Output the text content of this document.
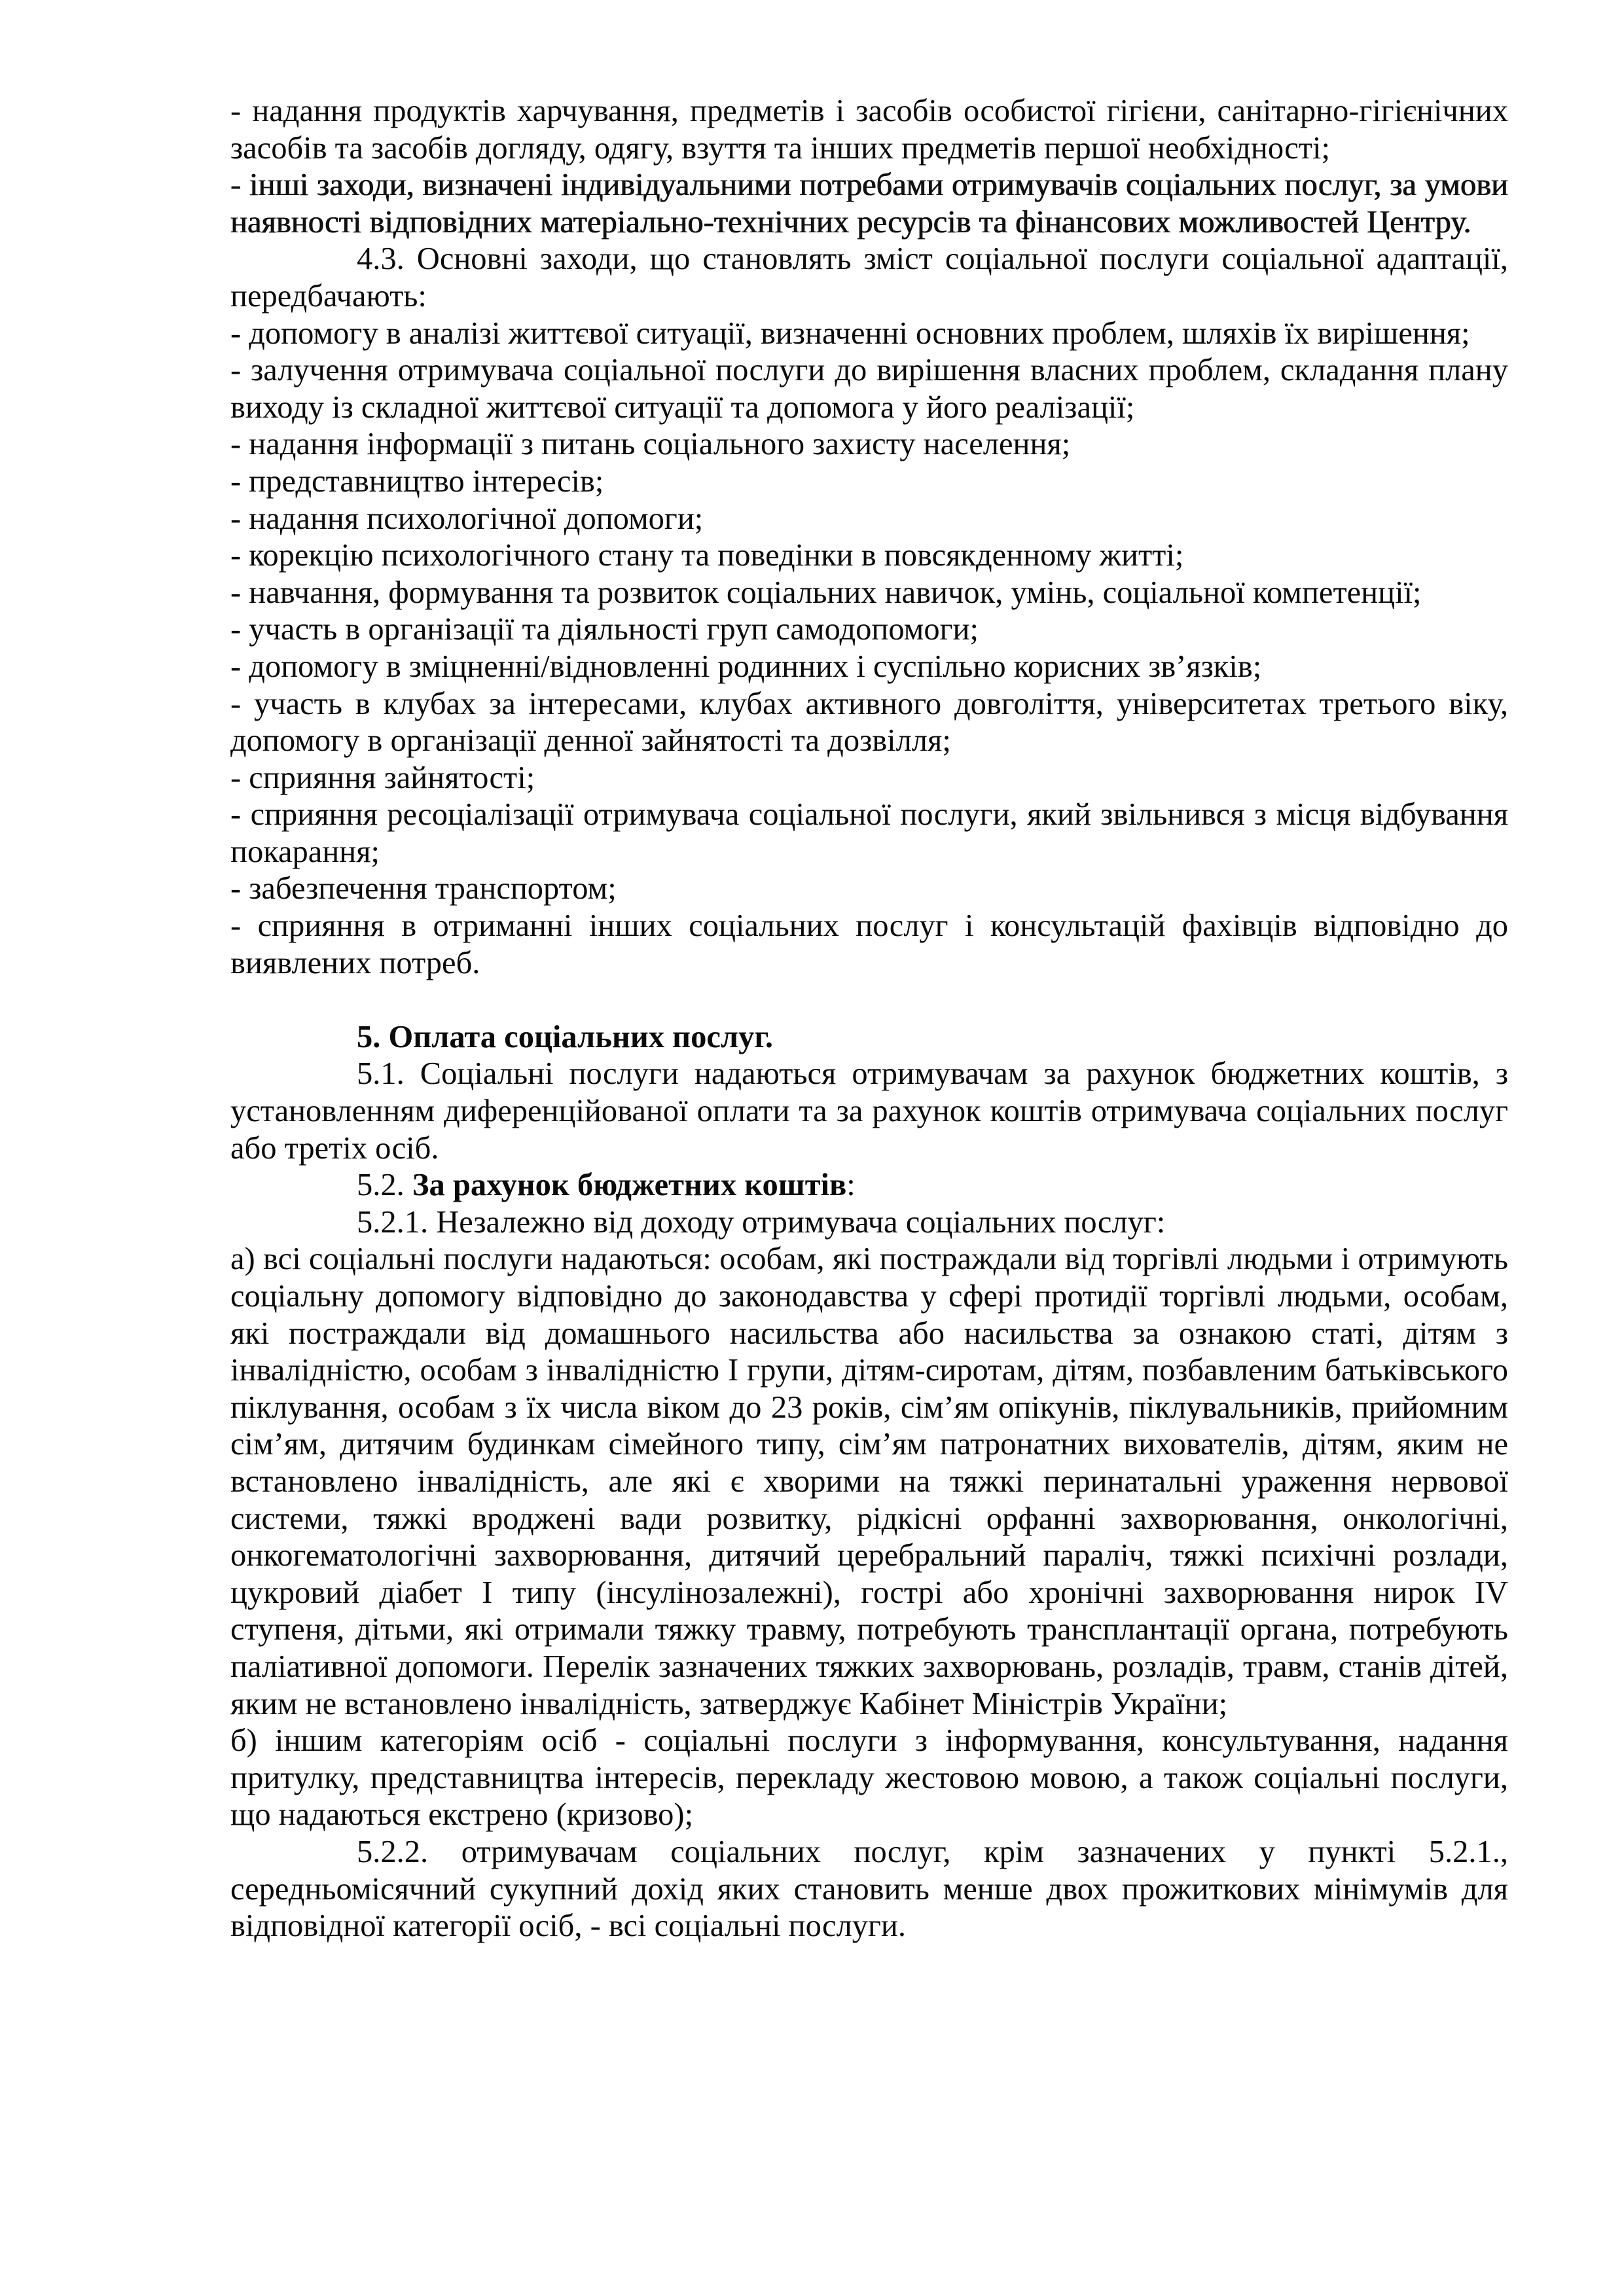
- надання продуктів харчування, предметів і засобів особистої гігієни, санітарно-гігієнічних засобів та засобів догляду, одягу, взуття та інших предметів першої необхідності;

- інші заходи, визначені індивідуальними потребами отримувачів соціальних послуг, за умови наявності відповідних матеріально-технічних ресурсів та фінансових можливостей Центру.

4.3. Основні заходи, що становлять зміст соціальної послуги соціальної адаптації, передбачають:

- допомогу в аналізі життєвої ситуації, визначенні основних проблем, шляхів їх вирішення;

- залучення отримувача соціальної послуги до вирішення власних проблем, складання плану виходу із складної життєвої ситуації та допомога у його реалізації;

- надання інформації з питань соціального захисту населення;

- представництво інтересів;

- надання психологічної допомоги;

- корекцію психологічного стану та поведінки в повсякденному житті;

- навчання, формування та розвиток соціальних навичок, умінь, соціальної компетенції;

- участь в організації та діяльності груп самодопомоги;

- допомогу в зміцненні/відновленні родинних і суспільно корисних зв’язків;

- участь в клубах за інтересами, клубах активного довголіття, університетах третього віку, допомогу в організації денної зайнятості та дозвілля;

- сприяння зайнятості;

- сприяння ресоціалізації отримувача соціальної послуги, який звільнився з місця відбування покарання;

- забезпечення транспортом;

- сприяння в отриманні інших соціальних послуг і консультацій фахівців відповідно до виявлених потреб.

5. Оплата соціальних послуг.

5.1. Соціальні послуги надаються отримувачам за рахунок бюджетних коштів, з установленням диференційованої оплати та за рахунок коштів отримувача соціальних послуг або третіх осіб.

5.2. За рахунок бюджетних коштів:

5.2.1. Незалежно від доходу отримувача соціальних послуг:

а) всі соціальні послуги надаються: особам, які постраждали від торгівлі людьми і отримують соціальну допомогу відповідно до законодавства у сфері протидії торгівлі людьми, особам, які постраждали від домашнього насильства або насильства за ознакою статі, дітям з інвалідністю, особам з інвалідністю I групи, дітям-сиротам, дітям, позбавленим батьківського піклування, особам з їх числа віком до 23 років, сім’ям опікунів, піклувальників, прийомним сім’ям, дитячим будинкам сімейного типу, сім’ям патронатних вихователів, дітям, яким не встановлено інвалідність, але які є хворими на тяжкі перинатальні ураження нервової системи, тяжкі вроджені вади розвитку, рідкісні орфанні захворювання, онкологічні, онкогематологічні захворювання, дитячий церебральний параліч, тяжкі психічні розлади, цукровий діабет I типу (інсулінозалежні), гострі або хронічні захворювання нирок IV ступеня, дітьми, які отримали тяжку травму, потребують трансплантації органа, потребують паліативної допомоги. Перелік зазначених тяжких захворювань, розладів, травм, станів дітей, яким не встановлено інвалідність, затверджує Кабінет Міністрів України;

б) іншим категоріям осіб - соціальні послуги з інформування, консультування, надання притулку, представництва інтересів, перекладу жестовою мовою, а також соціальні послуги, що надаються екстрено (кризово);

5.2.2. отримувачам соціальних послуг, крім зазначених у пункті 5.2.1., середньомісячний сукупний дохід яких становить менше двох прожиткових мінімумів для відповідної категорії осіб, - всі соціальні послуги.
